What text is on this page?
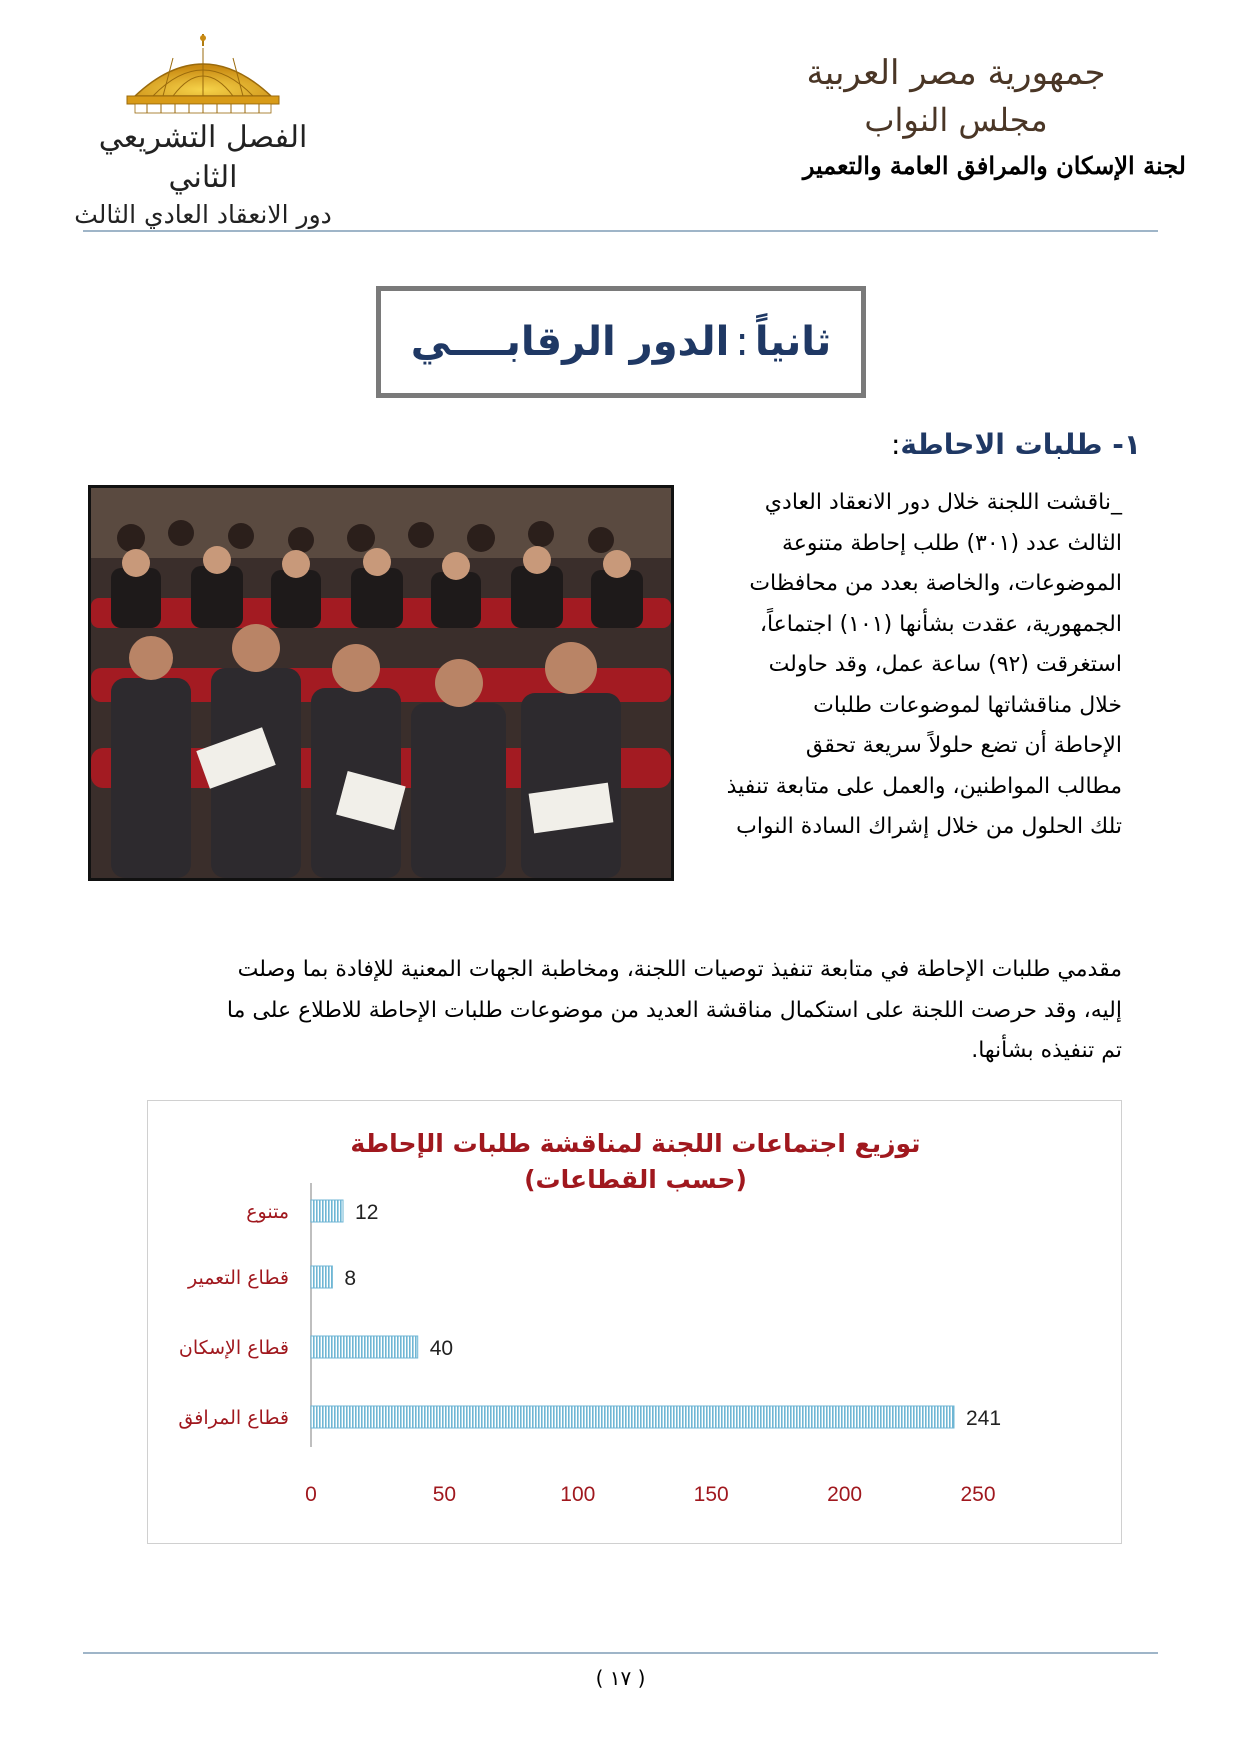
جمهورية مصر العربية
مجلس النواب
لجنة الإسكان والمرافق العامة والتعمير
الفصل التشريعي الثاني
دور الانعقاد العادي الثالث
ثانياً
:
الدور الرقابــــي
١- طلبات الاحاطة:

_ناقشت اللجنة خلال دور الانعقاد العادي

الثالث عدد (٣٠١) طلب إحاطة متنوعة

الموضوعات، والخاصة بعدد من محافظات

الجمهورية، عقدت بشأنها (١٠١) اجتماعاً،

استغرقت (٩٢) ساعة عمل، وقد حاولت

خلال مناقشاتها لموضوعات طلبات

الإحاطة أن تضع حلولاً سريعة تحقق

مطالب المواطنين، والعمل على متابعة تنفيذ

تلك الحلول من خلال إشراك السادة النواب

مقدمي طلبات الإحاطة في متابعة تنفيذ توصيات اللجنة، ومخاطبة الجهات المعنية للإفادة بما وصلت

إليه، وقد حرصت اللجنة على استكمال مناقشة العديد من موضوعات طلبات الإحاطة للاطلاع على ما

تم تنفيذه بشأنها.

توزيع اجتماعات اللجنة لمناقشة طلبات الإحاطة
(حسب القطاعات)
متنوع	12
قطاع التعمير	8
قطاع الإسكان	40
قطاع المرافق	241
0	50	100	150	200	250
( ١٧ )
